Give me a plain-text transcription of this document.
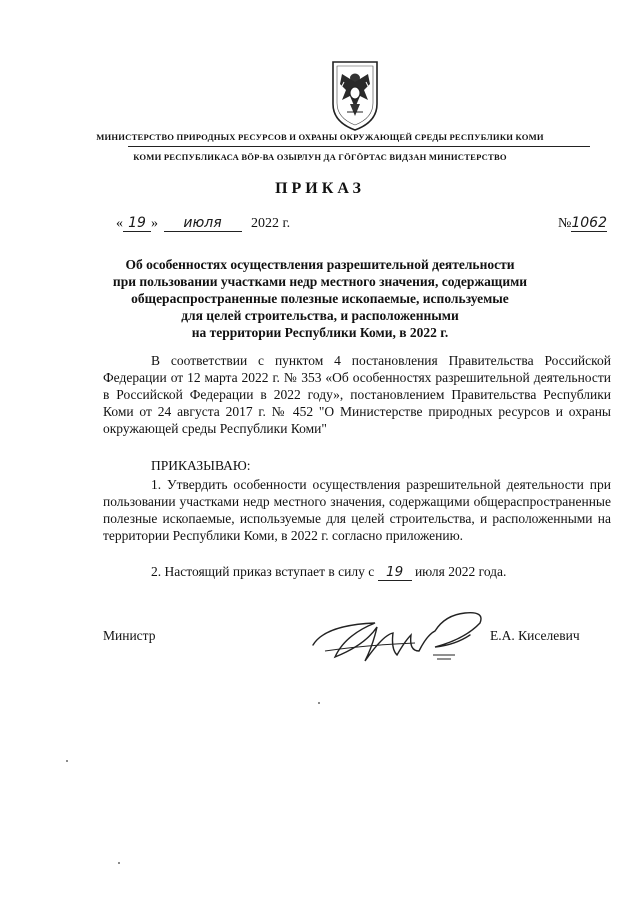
МИНИСТЕРСТВО ПРИРОДНЫХ РЕСУРСОВ И ОХРАНЫ ОКРУЖАЮЩЕЙ СРЕДЫ РЕСПУБЛИКИ КОМИ
КОМИ РЕСПУБЛИКАСА ВÖР-ВА ОЗЫРЛУН ДА ГÖГÖРТАС ВИДЗАН МИНИСТЕРСТВО
ПРИКАЗ
« 19 » июля 2022 г.	№1062
Об особенностях осуществления разрешительной деятельности
при пользовании участками недр местного значения, содержащими
общераспространенные полезные ископаемые, используемые
для целей строительства, и расположенными
на территории Республики Коми, в 2022 г.
В соответствии с пунктом 4 постановления Правительства Российской Федерации от 12 марта 2022 г. № 353 «Об особенностях разрешительной деятельности в Российской Федерации в 2022 году», постановлением Правительства Республики Коми от 24 августа 2017 г. № 452 "О Министерстве природных ресурсов и охраны окружающей среды Республики Коми"
ПРИКАЗЫВАЮ:
1. Утвердить особенности осуществления разрешительной деятельности при пользовании участками недр местного значения, содержащими общераспространенные полезные ископаемые, используемые для целей строительства, и расположенными на территории Республики Коми, в 2022 г. согласно приложению.
2. Настоящий приказ вступает в силу с 19 июля 2022 года.
Министр	Е.А. Киселевич
